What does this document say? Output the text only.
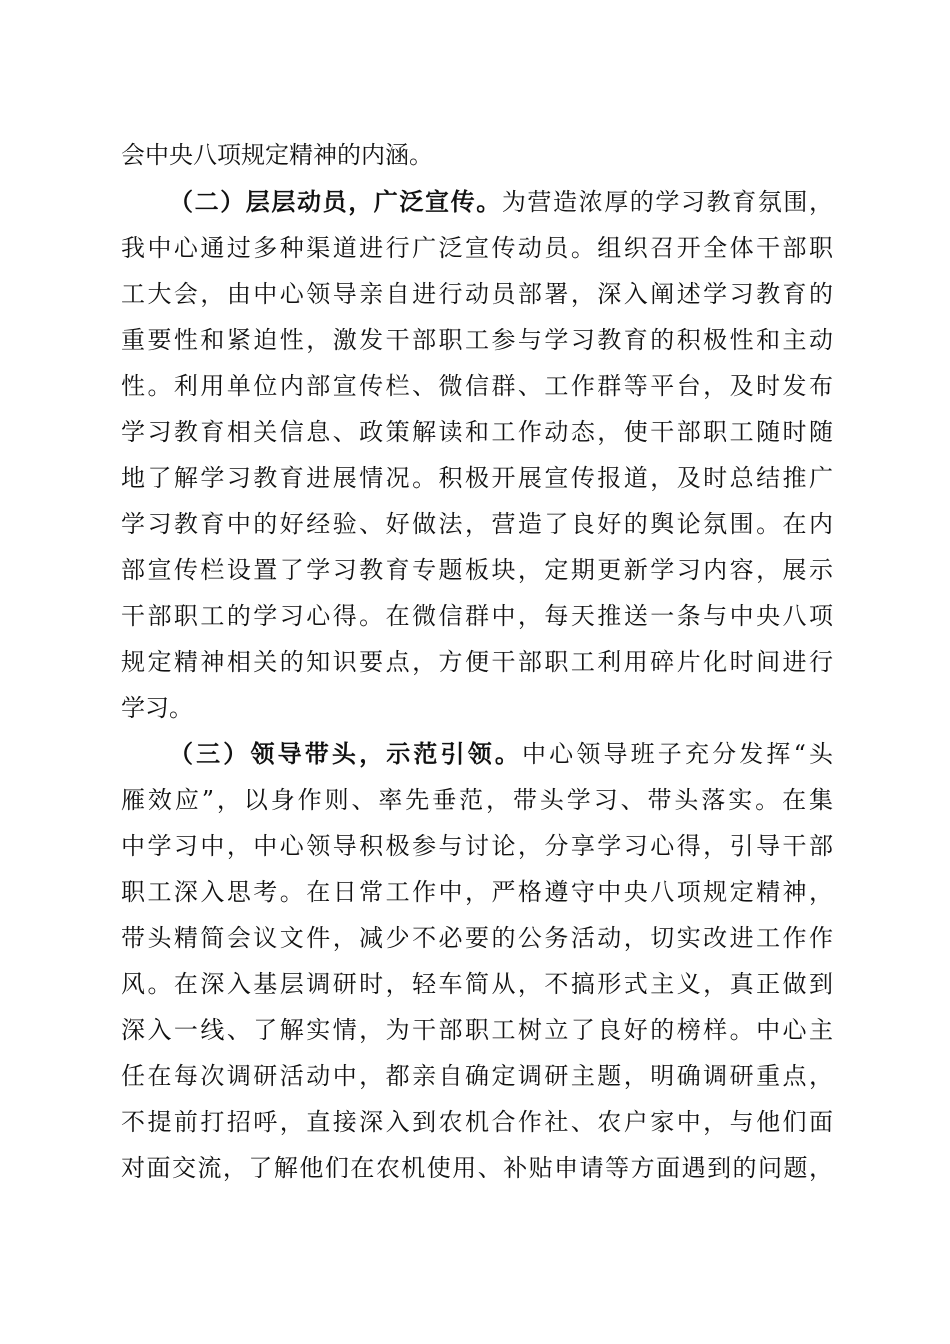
会中央八项规定精神的内涵。
（二）层层动员，广泛宣传。为营造浓厚的学习教育氛围，
我中心通过多种渠道进行广泛宣传动员。组织召开全体干部职
工大会，由中心领导亲自进行动员部署，深入阐述学习教育的
重要性和紧迫性，激发干部职工参与学习教育的积极性和主动
性。利用单位内部宣传栏、微信群、工作群等平台，及时发布
学习教育相关信息、政策解读和工作动态，使干部职工随时随
地了解学习教育进展情况。积极开展宣传报道，及时总结推广
学习教育中的好经验、好做法，营造了良好的舆论氛围。在内
部宣传栏设置了学习教育专题板块，定期更新学习内容，展示
干部职工的学习心得。在微信群中，每天推送一条与中央八项
规定精神相关的知识要点，方便干部职工利用碎片化时间进行
学习。
（三）领导带头，示范引领。中心领导班子充分发挥“头
雁效应”，以身作则、率先垂范，带头学习、带头落实。在集
中学习中，中心领导积极参与讨论，分享学习心得，引导干部
职工深入思考。在日常工作中，严格遵守中央八项规定精神，
带头精简会议文件，减少不必要的公务活动，切实改进工作作
风。在深入基层调研时，轻车简从，不搞形式主义，真正做到
深入一线、了解实情，为干部职工树立了良好的榜样。中心主
任在每次调研活动中，都亲自确定调研主题，明确调研重点，
不提前打招呼，直接深入到农机合作社、农户家中，与他们面
对面交流，了解他们在农机使用、补贴申请等方面遇到的问题，
